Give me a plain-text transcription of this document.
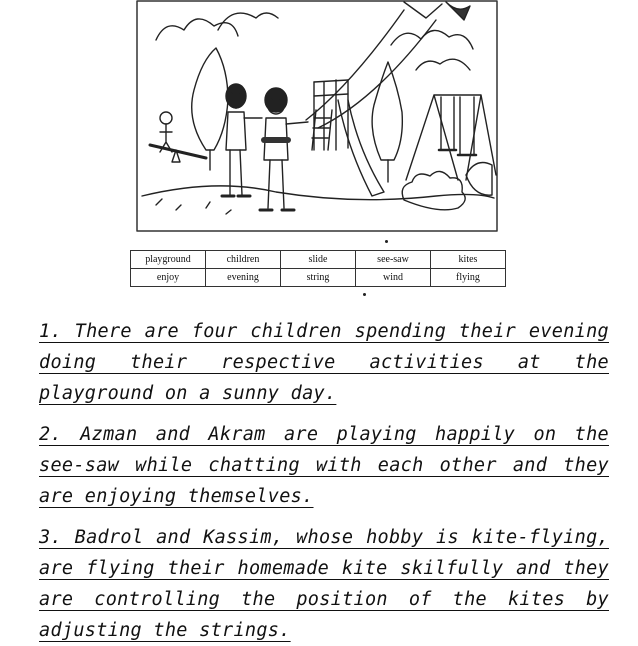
playground	children	slide	see-saw	kites
enjoy	evening	string	wind	flying

1. There are four children spending their evening doing their respective activities at the playground on a sunny day.

2. Azman and Akram are playing happily on the see-saw while chatting with each other and they are enjoying themselves.

3. Badrol and Kassim, whose hobby is kite-flying, are flying their homemade kite skilfully and they are controlling the position of the kites by adjusting the strings.
